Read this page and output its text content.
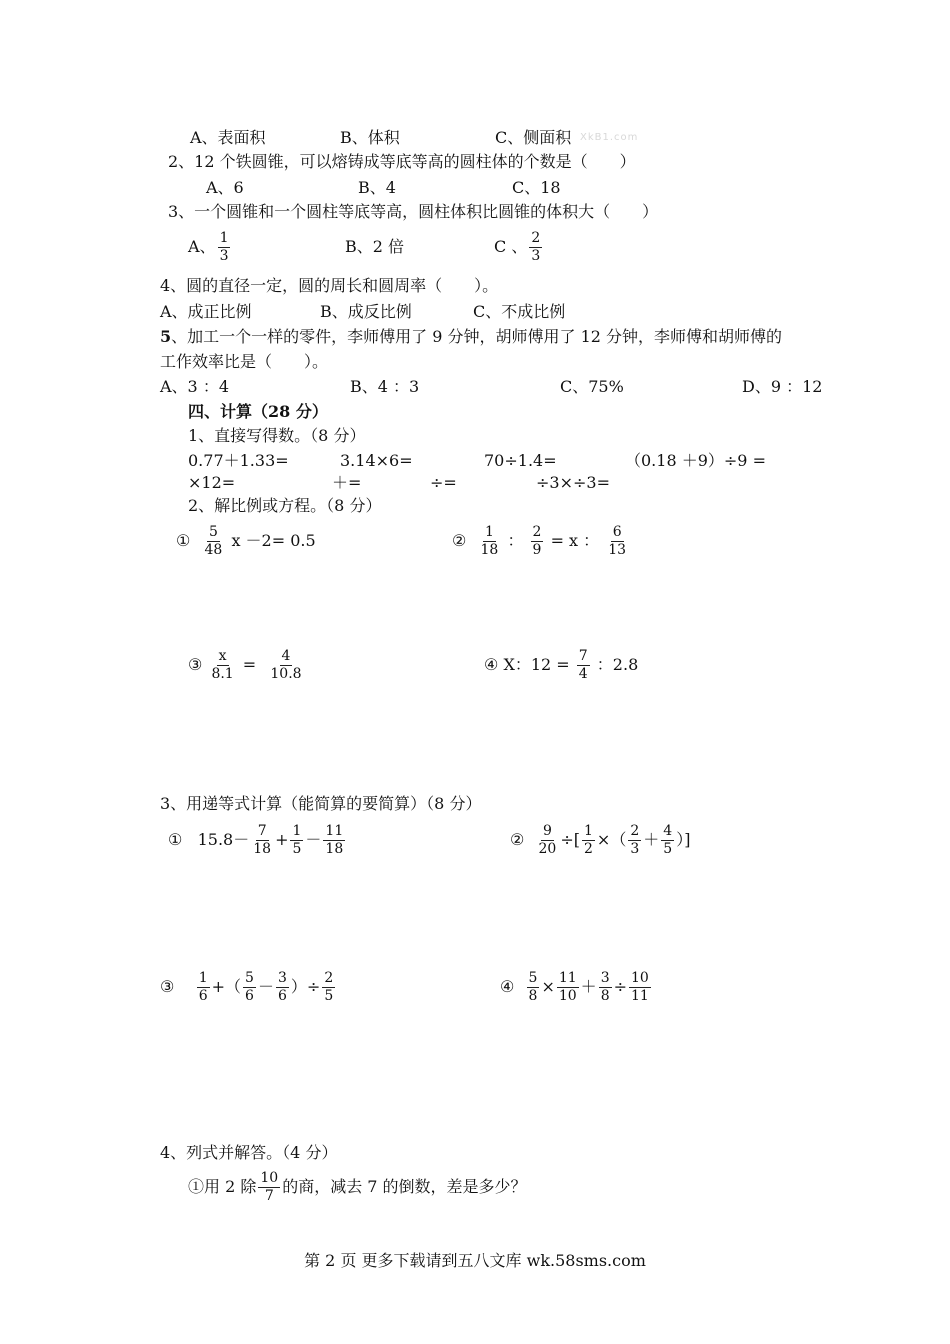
XkB1.com
A、表面积	B、体积	C、侧面积
2、12 个铁圆锥，可以熔铸成等底等高的圆柱体的个数是（　　）
A、6	B、4	C、18
3、一个圆锥和一个圆柱等底等高，圆柱体积比圆锥的体积大（　　）
A、 $\frac{1}{3}$	B、2 倍	C 、 $\frac{2}{3}$
4、圆的直径一定，圆的周长和圆周率（　　）。
A、成正比例	B、成反比例	C、不成比例
5、加工一个一样的零件，李师傅用了 9 分钟，胡师傅用了 12 分钟，李师傅和胡师傅的
工作效率比是（　　）。
A、3 ：4	B、4 ：3	C、75%	D、9 ：12
四、计算（28 分）
1、直接写得数。（8 分）
0.77＋1.33=	3.14×6=	70÷1.4=	（0.18 ＋9）÷9 =
×12=	＋=	÷=	÷3×÷3=
2、解比例或方程。（8 分）
① $\frac{5}{48}$ x －2= 0.5	② $\frac{1}{18}$ ： $\frac{2}{9} = x$ ： $\frac{6}{13}$
③ $\frac{x}{8.1} = \frac{4}{10.8}$	④ X：$12 = \frac{7}{4}$ ：2.8
3、用递等式计算（能简算的要简算）（8 分）
① $15.8- \frac{7}{18} + \frac{1}{5} - \frac{11}{18}$	② $\frac{9}{20}$ ÷[ $\frac{1}{2}$ ×（ $\frac{2}{3} + \frac{4}{5}$ ）]
③ $\frac{1}{6}$ +（ $\frac{5}{6} - \frac{3}{6}$ ）÷ $\frac{2}{5}$	④ $\frac{5}{8} \times \frac{11}{10} + \frac{3}{8} \div \frac{10}{11}$
4、列式并解答。（4 分）
①用 2 除 $\frac{10}{7}$ 的商，减去 7 的倒数，差是多少？
第 2 页 更多下载请到五八文库 wk.58sms.com
